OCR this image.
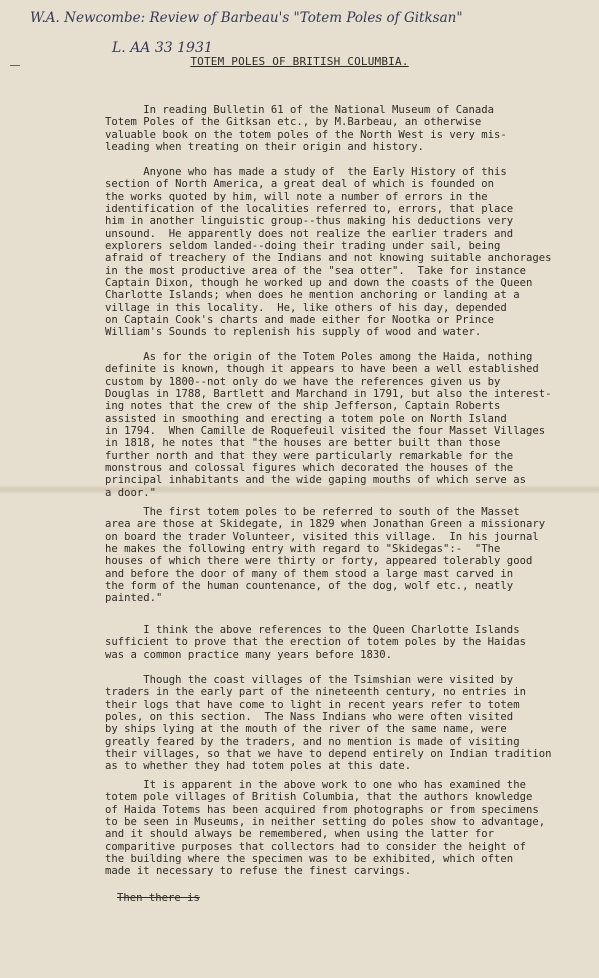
W.A. Newcombe: Review of Barbeau's "Totem Poles of Gitksan"
L. AA 33 1931
TOTEM POLES OF BRITISH COLUMBIA.

In reading Bulletin 61 of the National Museum of Canada
Totem Poles of the Gitksan etc., by M.Barbeau, an otherwise
valuable book on the totem poles of the North West is very mis-
leading when treating on their origin and history.

Anyone who has made a study of  the Early History of this
section of North America, a great deal of which is founded on
the works quoted by him, will note a number of errors in the
identification of the localities referred to, errors, that place
him in another linguistic group--thus making his deductions very
unsound.  He apparently does not realize the earlier traders and
explorers seldom landed--doing their trading under sail, being
afraid of treachery of the Indians and not knowing suitable anchorages
in the most productive area of the "sea otter".  Take for instance
Captain Dixon, though he worked up and down the coasts of the Queen
Charlotte Islands; when does he mention anchoring or landing at a
village in this locality.  He, like others of his day, depended
on Captain Cook's charts and made either for Nootka or Prince
William's Sounds to replenish his supply of wood and water.

As for the origin of the Totem Poles among the Haida, nothing
definite is known, though it appears to have been a well established
custom by 1800--not only do we have the references given us by
Douglas in 1788, Bartlett and Marchand in 1791, but also the interest-
ing notes that the crew of the ship Jefferson, Captain Roberts
assisted in smoothing and erecting a totem pole on North Island
in 1794.  When Camille de Roquefeuil visited the four Masset Villages
in 1818, he notes that "the houses are better built than those
further north and that they were particularly remarkable for the
monstrous and colossal figures which decorated the houses of the
principal inhabitants and the wide gaping mouths of which serve as
a door."

The first totem poles to be referred to south of the Masset
area are those at Skidegate, in 1829 when Jonathan Green a missionary
on board the trader Volunteer, visited this village.  In his journal
he makes the following entry with regard to "Skidegas":-  "The
houses of which there were thirty or forty, appeared tolerably good
and before the door of many of them stood a large mast carved in
the form of the human countenance, of the dog, wolf etc., neatly
painted."

I think the above references to the Queen Charlotte Islands
sufficient to prove that the erection of totem poles by the Haidas
was a common practice many years before 1830.

Though the coast villages of the Tsimshian were visited by
traders in the early part of the nineteenth century, no entries in
their logs that have come to light in recent years refer to totem
poles, on this section.  The Nass Indians who were often visited
by ships lying at the mouth of the river of the same name, were
greatly feared by the traders, and no mention is made of visiting
their villages, so that we have to depend entirely on Indian tradition
as to whether they had totem poles at this date.

It is apparent in the above work to one who has examined the
totem pole villages of British Columbia, that the authors knowledge
of Haida Totems has been acquired from photographs or from specimens
to be seen in Museums, in neither setting do poles show to advantage,
and it should always be remembered, when using the latter for
comparitive purposes that collectors had to consider the height of
the building where the specimen was to be exhibited, which often
made it necessary to refuse the finest carvings.

Then there is
